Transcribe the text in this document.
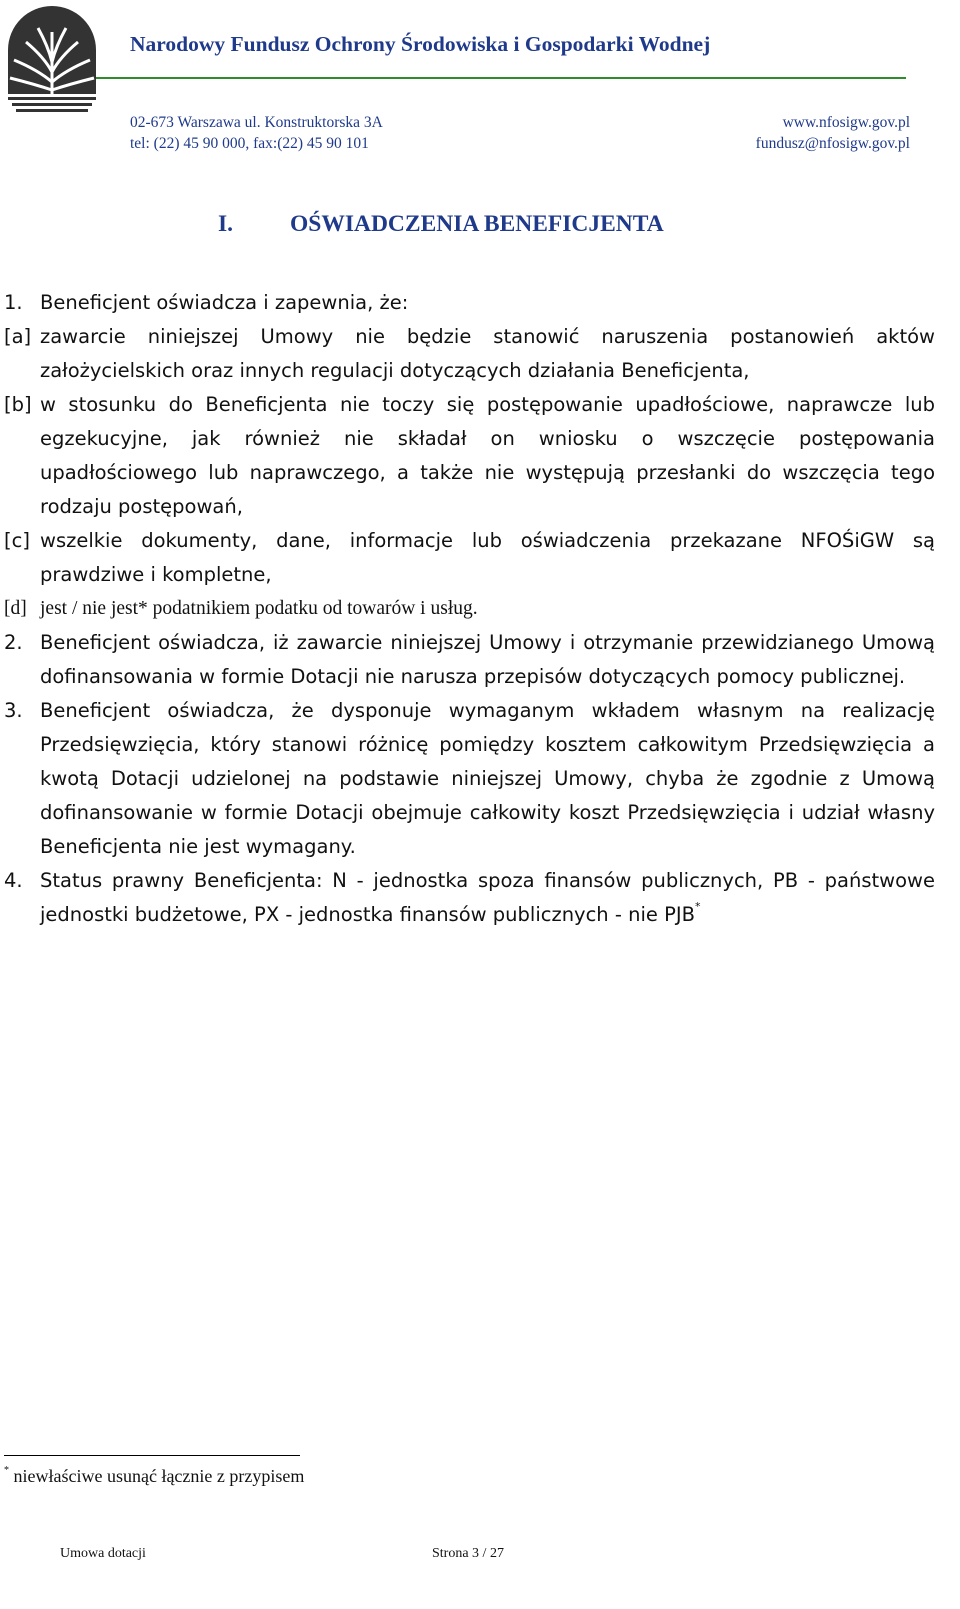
Narodowy Fundusz Ochrony Środowiska i Gospodarki Wodnej
02-673 Warszawa ul. Konstruktorska 3A
tel: (22) 45 90 000, fax:(22) 45 90 101
www.nfosigw.gov.pl
fundusz@nfosigw.gov.pl
I. OŚWIADCZENIA BENEFICJENTA
1. Beneficjent oświadcza i zapewnia, że:
[a] zawarcie niniejszej Umowy nie będzie stanowić naruszenia postanowień aktów założycielskich oraz innych regulacji dotyczących działania Beneficjenta,
[b] w stosunku do Beneficjenta nie toczy się postępowanie upadłościowe, naprawcze lub egzekucyjne, jak również nie składał on wniosku o wszczęcie postępowania upadłościowego lub naprawczego, a także nie występują przesłanki do wszczęcia tego rodzaju postępowań,
[c] wszelkie dokumenty, dane, informacje lub oświadczenia przekazane NFOŚiGW są prawdziwe i kompletne,
[d] jest / nie jest* podatnikiem podatku od towarów i usług.
2. Beneficjent oświadcza, iż zawarcie niniejszej Umowy i otrzymanie przewidzianego Umową dofinansowania w formie Dotacji nie narusza przepisów dotyczących pomocy publicznej.
3. Beneficjent oświadcza, że dysponuje wymaganym wkładem własnym na realizację Przedsięwzięcia, który stanowi różnicę pomiędzy kosztem całkowitym Przedsięwzięcia a kwotą Dotacji udzielonej na podstawie niniejszej Umowy, chyba że zgodnie z Umową dofinansowanie w formie Dotacji obejmuje całkowity koszt Przedsięwzięcia i udział własny Beneficjenta nie jest wymagany.
4. Status prawny Beneficjenta: N - jednostka spoza finansów publicznych, PB - państwowe jednostki budżetowe, PX - jednostka finansów publicznych - nie PJB*
* niewłaściwe usunąć łącznie z przypisem
Umowa dotacji	Strona 3 / 27
